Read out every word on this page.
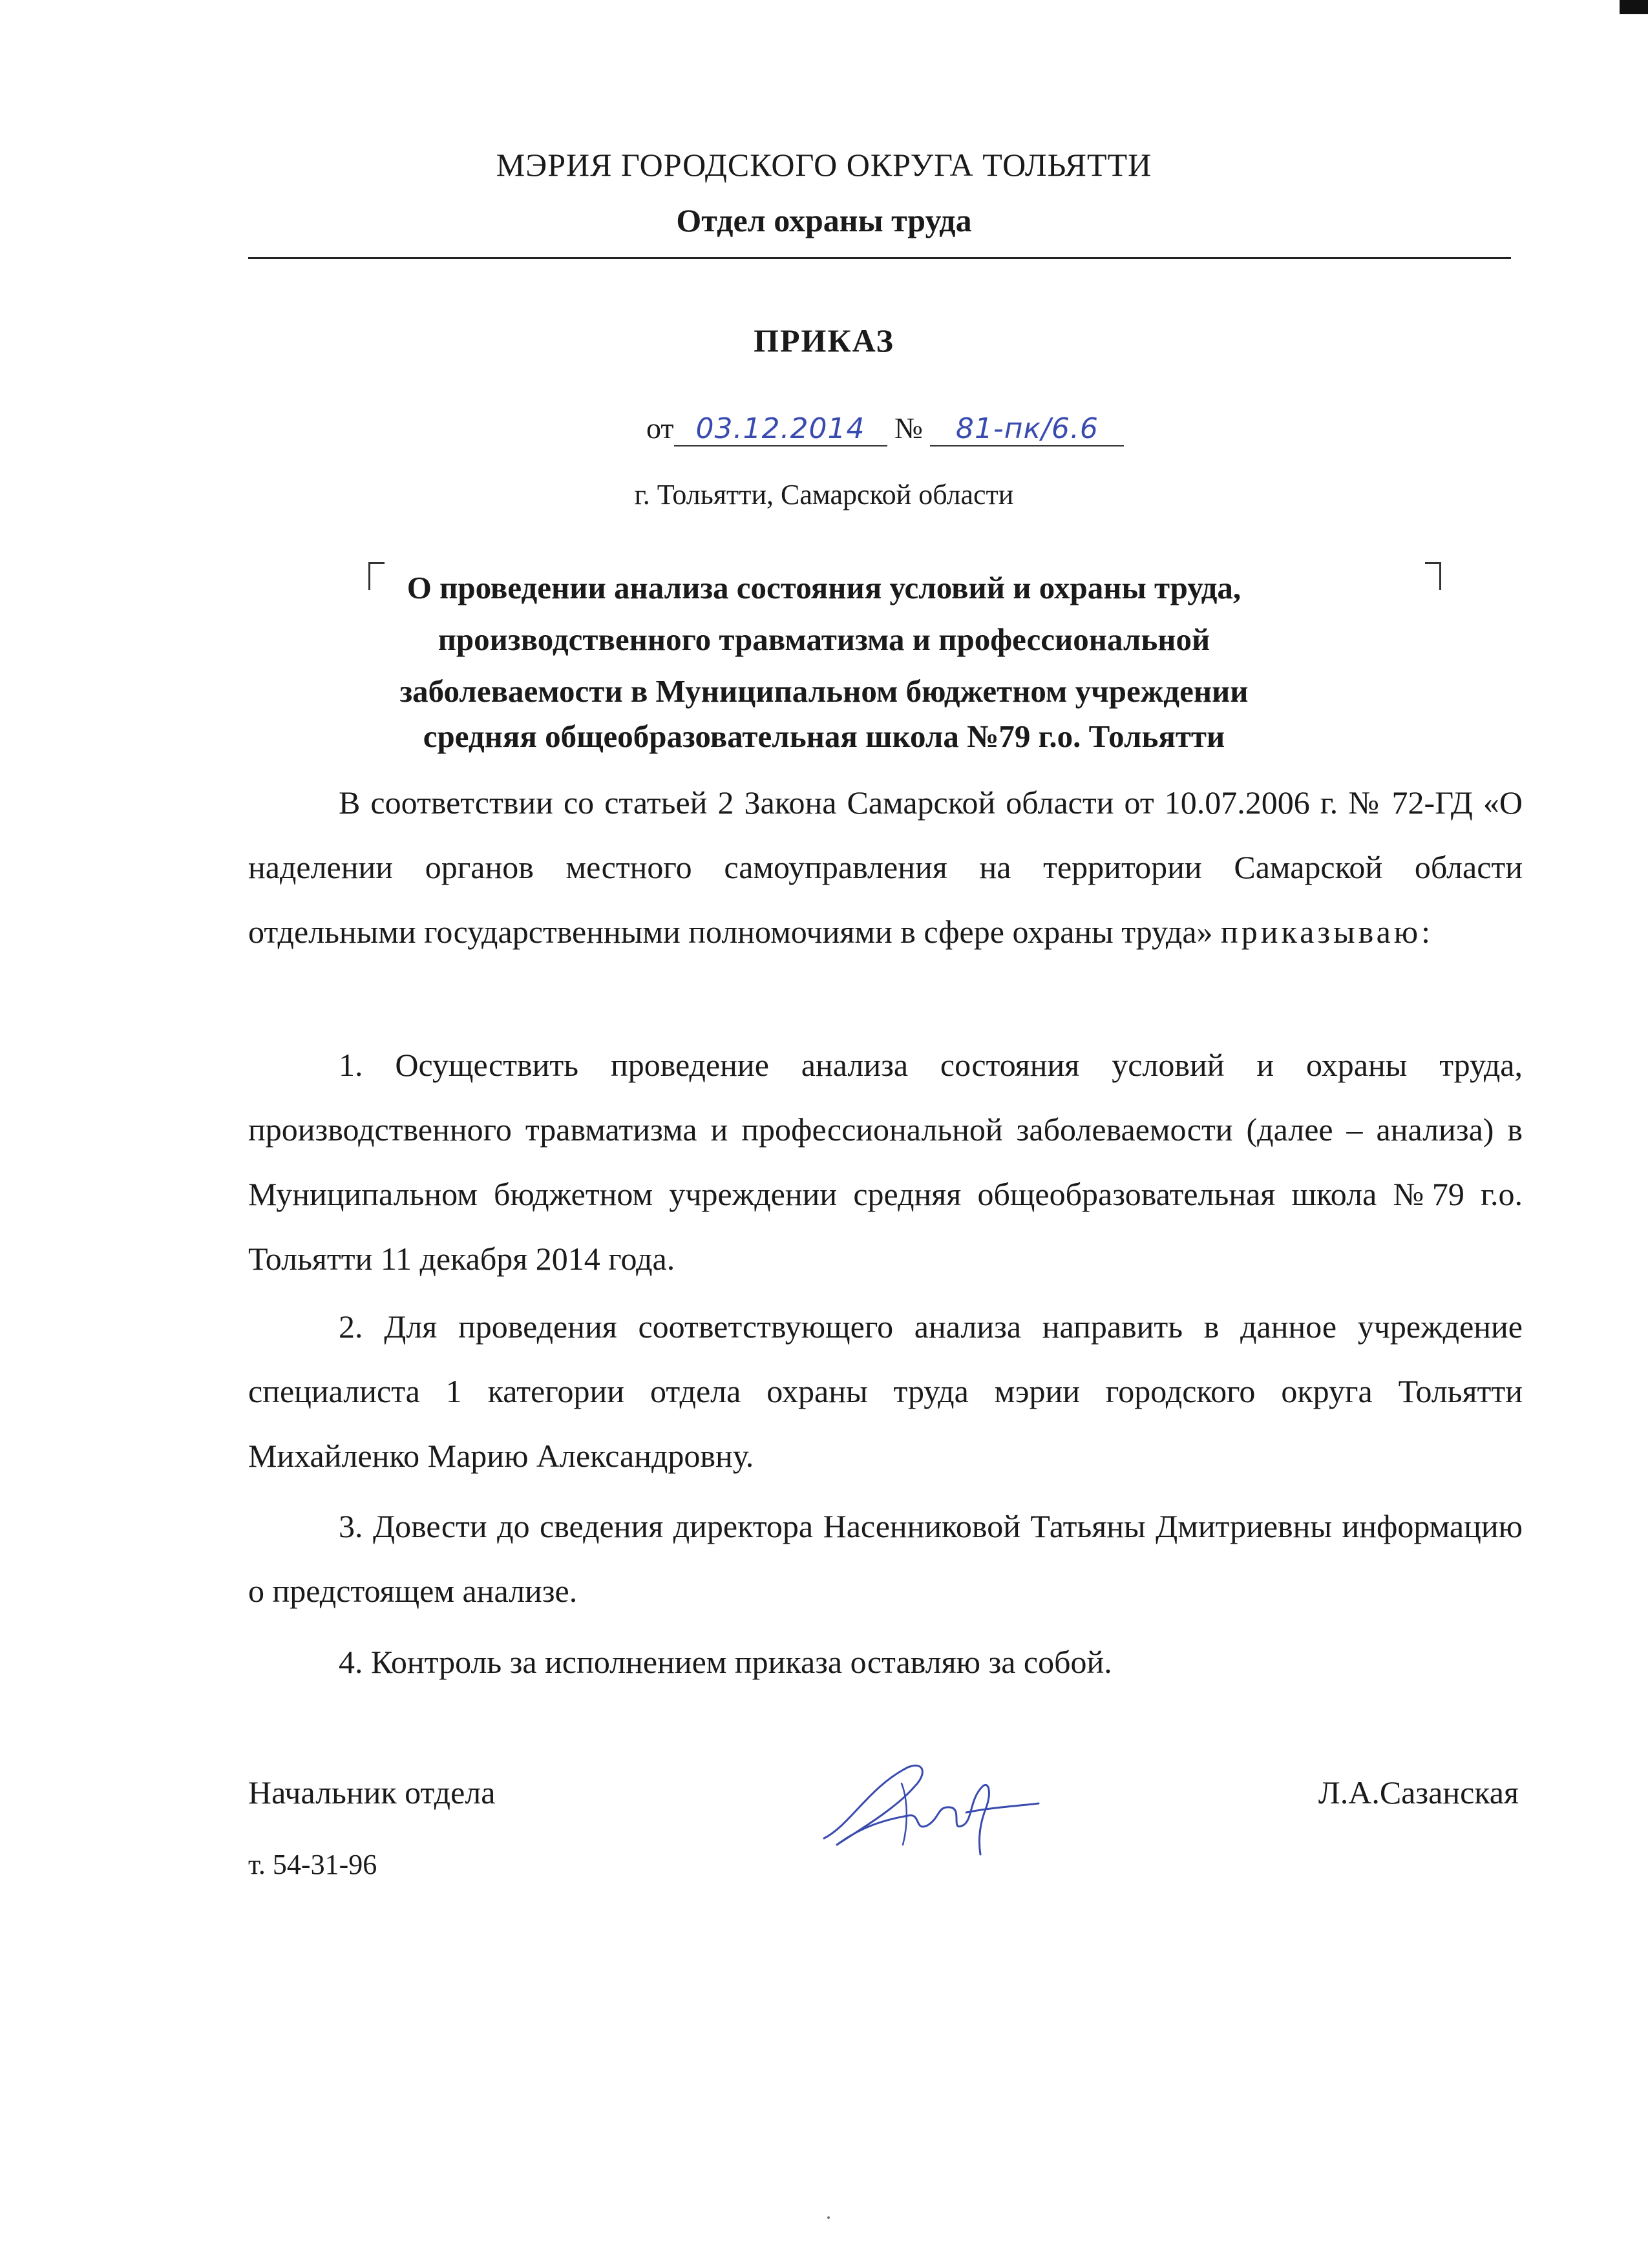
МЭРИЯ ГОРОДСКОГО ОКРУГА ТОЛЬЯТТИ
Отдел охраны труда
ПРИКАЗ
от 03.12.2014 № 81-пк/6.6
г. Тольятти, Самарской области
О проведении анализа состояния условий и охраны труда,
производственного травматизма и профессиональной
заболеваемости в Муниципальном бюджетном учреждении
средняя общеобразовательная школа №79 г.о. Тольятти
В соответствии со статьей 2 Закона Самарской области от 10.07.2006 г. № 72-ГД «О наделении органов местного самоуправления на территории Самарской области отдельными государственными полномочиями в сфере охраны труда» приказываю:
1. Осуществить проведение анализа состояния условий и охраны труда, производственного травматизма и профессиональной заболеваемости (далее – анализа) в Муниципальном бюджетном учреждении средняя общеобразовательная школа №79 г.о. Тольятти 11 декабря 2014 года.
2. Для проведения соответствующего анализа направить в данное учреждение специалиста 1 категории отдела охраны труда мэрии городского округа Тольятти Михайленко Марию Александровну.
3. Довести до сведения директора Насенниковой Татьяны Дмитриевны информацию о предстоящем анализе.
4. Контроль за исполнением приказа оставляю за собой.
Начальник отдела	Л.А.Сазанская
т. 54-31-96
